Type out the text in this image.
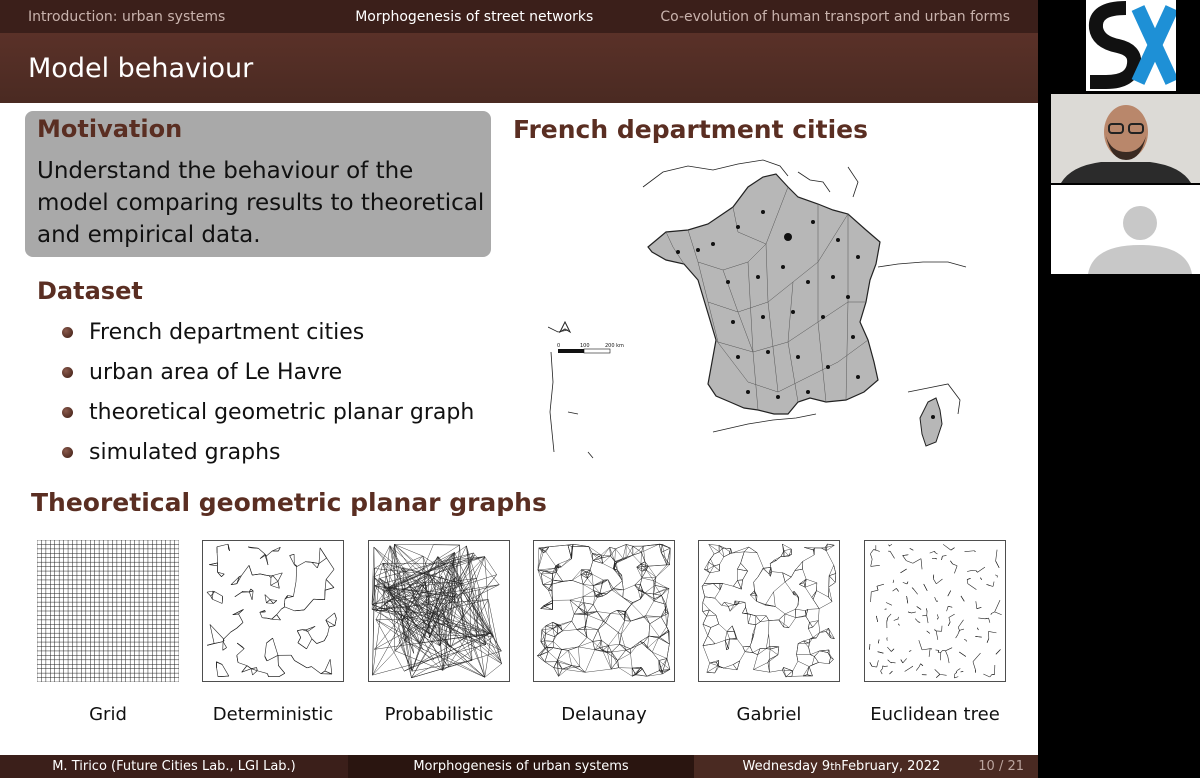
Introduction: urban systems	Morphogenesis of street networks	Co-evolution of human transport and urban forms
Model behaviour
Motivation
Understand the behaviour of the model comparing results to theoretical and empirical data.
Dataset
French department cities
urban area of Le Havre
theoretical geometric planar graph
simulated graphs
French department cities
0	100	200 km
Theoretical geometric planar graphs
Grid	Deterministic	Probabilistic	Delaunay	Gabriel	Euclidean tree
M. Tirico (Future Cities Lab., LGI Lab.)	Morphogenesis of urban systems	Wednesday 9 th February, 2022	10 / 21
